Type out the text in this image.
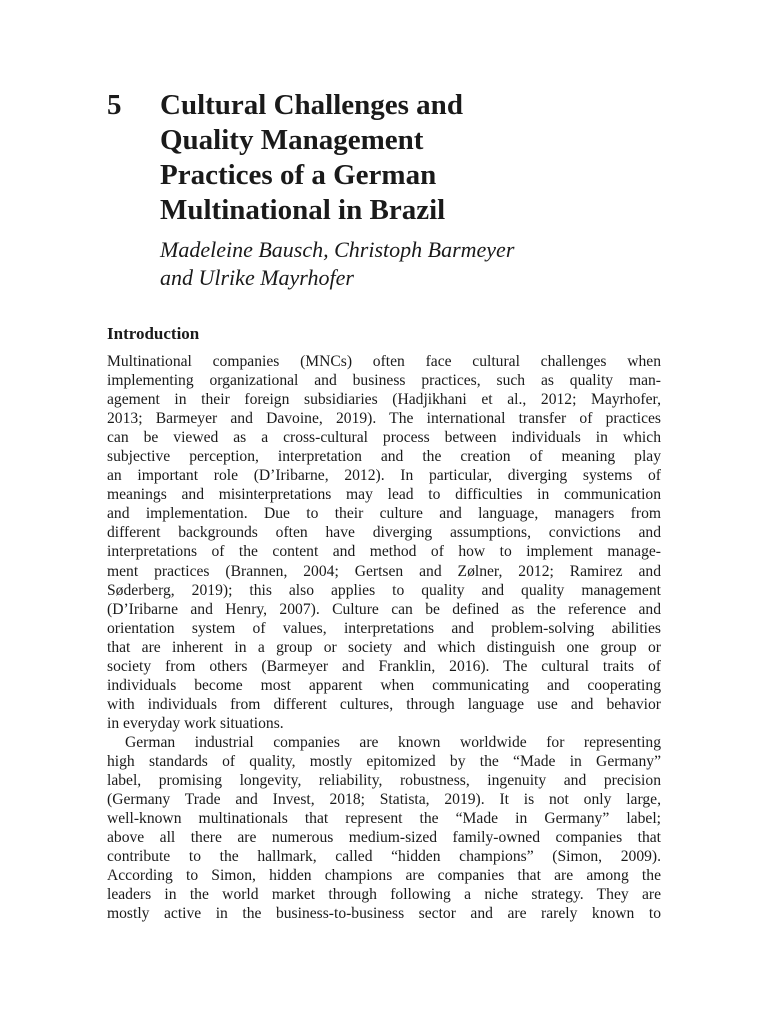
5 Cultural Challenges and
Quality Management
Practices of a German
Multinational in Brazil

Madeleine Bausch, Christoph Barmeyer
and Ulrike Mayrhofer

Introduction
Multinational companies (MNCs) often face cultural challenges when
implementing organizational and business practices, such as quality man-
agement in their foreign subsidiaries (Hadjikhani et al., 2012; Mayrhofer,
2013; Barmeyer and Davoine, 2019). The international transfer of practices
can be viewed as a cross-cultural process between individuals in which
subjective perception, interpretation and the creation of meaning play
an important role (D’Iribarne, 2012). In particular, diverging systems of
meanings and misinterpretations may lead to difficulties in communication
and implementation. Due to their culture and language, managers from
different backgrounds often have diverging assumptions, convictions and
interpretations of the content and method of how to implement manage-
ment practices (Brannen, 2004; Gertsen and Zølner, 2012; Ramirez and
Søderberg, 2019); this also applies to quality and quality management
(D’Iribarne and Henry, 2007). Culture can be defined as the reference and
orientation system of values, interpretations and problem-solving abilities
that are inherent in a group or society and which distinguish one group or
society from others (Barmeyer and Franklin, 2016). The cultural traits of
individuals become most apparent when communicating and cooperating
with individuals from different cultures, through language use and behavior
in everyday work situations.
German industrial companies are known worldwide for representing
high standards of quality, mostly epitomized by the “Made in Germany”
label, promising longevity, reliability, robustness, ingenuity and precision
(Germany Trade and Invest, 2018; Statista, 2019). It is not only large,
well-known multinationals that represent the “Made in Germany” label;
above all there are numerous medium-sized family-owned companies that
contribute to the hallmark, called “hidden champions” (Simon, 2009).
According to Simon, hidden champions are companies that are among the
leaders in the world market through following a niche strategy. They are
mostly active in the business-to-business sector and are rarely known to
